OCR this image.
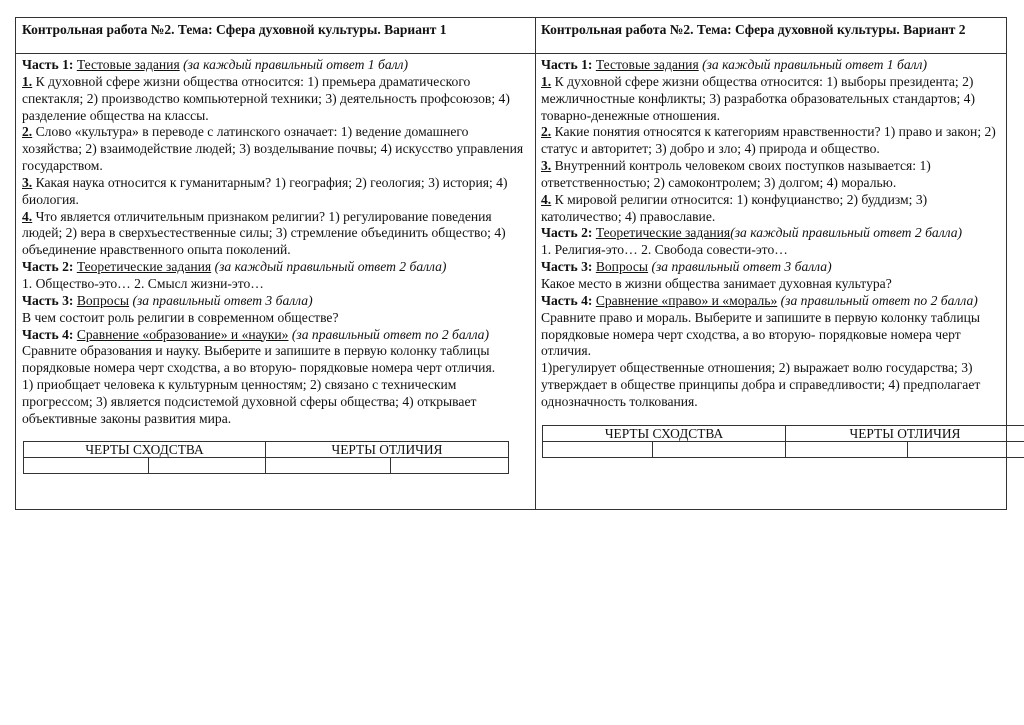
Контрольная работа №2. Тема: Сфера духовной культуры. Вариант 1

Часть 1: Тестовые задания (за каждый правильный ответ 1 балл)

1. К духовной сфере жизни общества относится: 1) премьера драматического спектакля; 2) производство компьютерной техники; 3) деятельность профсоюзов; 4) разделение общества на классы.

2. Слово «культура» в переводе с латинского означает: 1) ведение домашнего хозяйства; 2) взаимодействие людей; 3) возделывание почвы; 4) искусство управления государством.

3. Какая наука относится к гуманитарным? 1) география; 2) геология; 3) история; 4) биология.

4. Что является отличительным признаком религии? 1) регулирование поведения людей; 2) вера в сверхъестественные силы; 3) стремление объединить общество; 4) объединение нравственного опыта поколений.

Часть 2: Теоретические задания (за каждый правильный ответ 2 балла)

1. Общество-это… 2. Смысл жизни-это…

Часть 3: Вопросы (за правильный ответ 3 балла)

В чем состоит роль религии в современном обществе?

Часть 4: Сравнение «образование» и «науки» (за правильный ответ по 2 балла)

Сравните образования и науку. Выберите и запишите в первую колонку таблицы порядковые номера черт сходства, а во вторую- порядковые номера черт отличия.

1) приобщает человека к культурным ценностям; 2) связано с техническим прогрессом; 3) является подсистемой духовной сферы общества; 4) открывает объективные законы развития мира.

ЧЕРТЫ СХОДСТВА		ЧЕРТЫ ОТЛИЧИЯ	

Контрольная работа №2. Тема: Сфера духовной культуры. Вариант 2

Часть 1: Тестовые задания (за каждый правильный ответ 1 балл)

1. К духовной сфере жизни общества относится: 1) выборы президента; 2) межличностные конфликты; 3) разработка образовательных стандартов; 4) товарно-денежные отношения.

2. Какие понятия относятся к категориям нравственности? 1) право и закон; 2) статус и авторитет; 3) добро и зло; 4) природа и общество.

3. Внутренний контроль человеком своих поступков называется: 1) ответственностью; 2) самоконтролем; 3) долгом; 4) моралью.

4. К мировой религии относится: 1) конфуцианство; 2) буддизм; 3) католичество; 4) православие.

Часть 2: Теоретические задания(за каждый правильный ответ 2 балла)

1. Религия-это… 2. Свобода совести-это…

Часть 3: Вопросы (за правильный ответ 3 балла)

Какое место в жизни общества занимает духовная культура?

Часть 4: Сравнение «право» и «мораль» (за правильный ответ по 2 балла)

Сравните право и мораль. Выберите и запишите в первую колонку таблицы порядковые номера черт сходства, а во вторую- порядковые номера черт отличия.

1)регулирует общественные отношения; 2) выражает волю государства; 3) утверждает в обществе принципы добра и справедливости; 4) предполагает однозначность толкования.

ЧЕРТЫ СХОДСТВА		ЧЕРТЫ ОТЛИЧИЯ	
